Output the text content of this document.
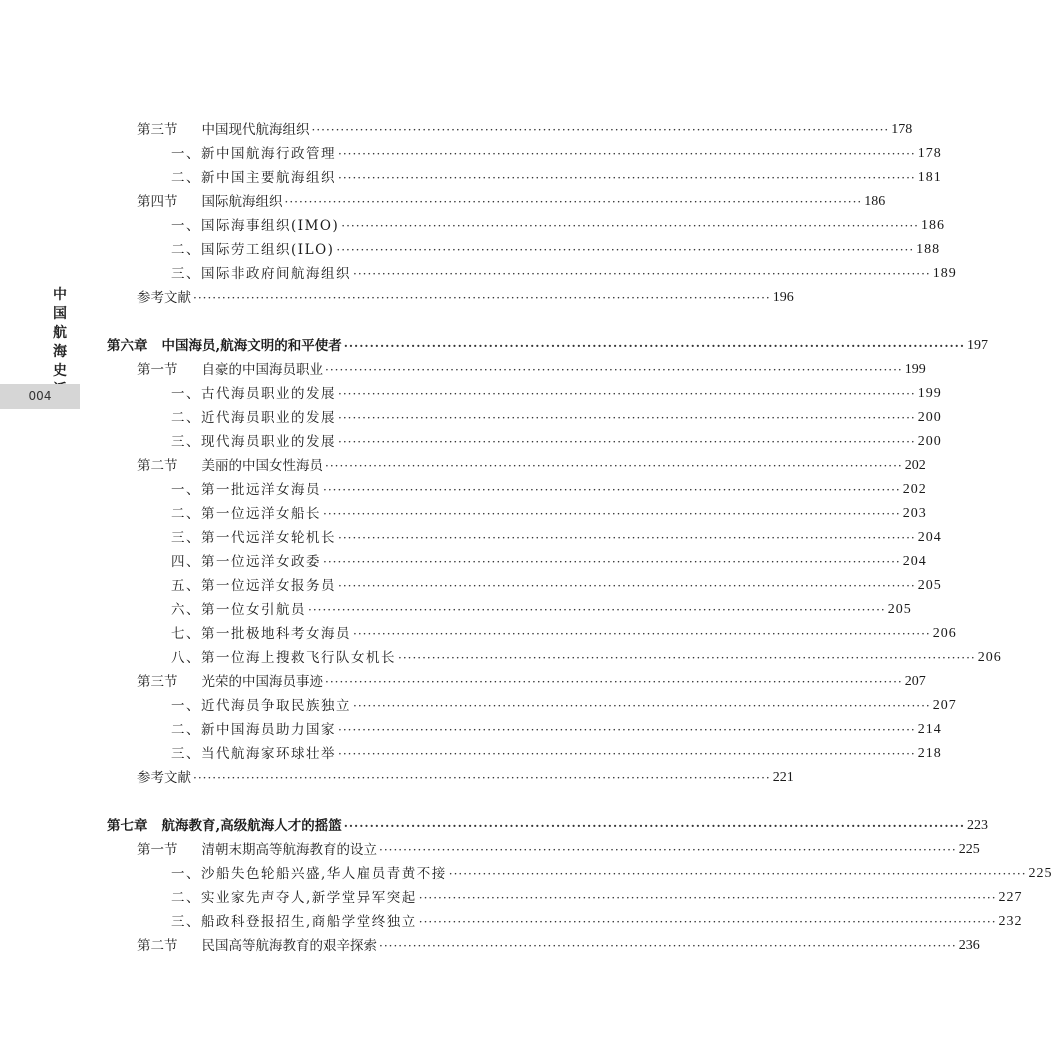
中
国
航
海
史
004
第三节 中国现代航海组织 ························································································································ 178
一、新中国航海行政管理 ························································································································ 178
二、新中国主要航海组织 ························································································································ 181
第四节 国际航海组织 ························································································································ 186
一、国际海事组织(IMO) ························································································································ 186
二、国际劳工组织(ILO) ························································································································ 188
三、国际非政府间航海组织 ························································································································ 189
参考文献 ························································································································ 196
第六章 中国海员,航海文明的和平使者 ························································································································ 197
第一节 自豪的中国海员职业 ························································································································ 199
一、古代海员职业的发展 ························································································································ 199
二、近代海员职业的发展 ························································································································ 200
三、现代海员职业的发展 ························································································································ 200
第二节 美丽的中国女性海员 ························································································································ 202
一、第一批远洋女海员 ························································································································ 202
二、第一位远洋女船长 ························································································································ 203
三、第一代远洋女轮机长 ························································································································ 204
四、第一位远洋女政委 ························································································································ 204
五、第一位远洋女报务员 ························································································································ 205
六、第一位女引航员 ························································································································ 205
七、第一批极地科考女海员 ························································································································ 206
八、第一位海上搜救飞行队女机长 ························································································································ 206
第三节 光荣的中国海员事迹 ························································································································ 207
一、近代海员争取民族独立 ························································································································ 207
二、新中国海员助力国家 ························································································································ 214
三、当代航海家环球壮举 ························································································································ 218
参考文献 ························································································································ 221
第七章 航海教育,高级航海人才的摇篮 ························································································································ 223
第一节 清朝末期高等航海教育的设立 ························································································································ 225
一、沙船失色轮船兴盛,华人雇员青黄不接 ························································································································ 225
二、实业家先声夺人,新学堂异军突起 ························································································································ 227
三、船政科登报招生,商船学堂终独立 ························································································································ 232
第二节 民国高等航海教育的艰辛探索 ························································································································ 236
